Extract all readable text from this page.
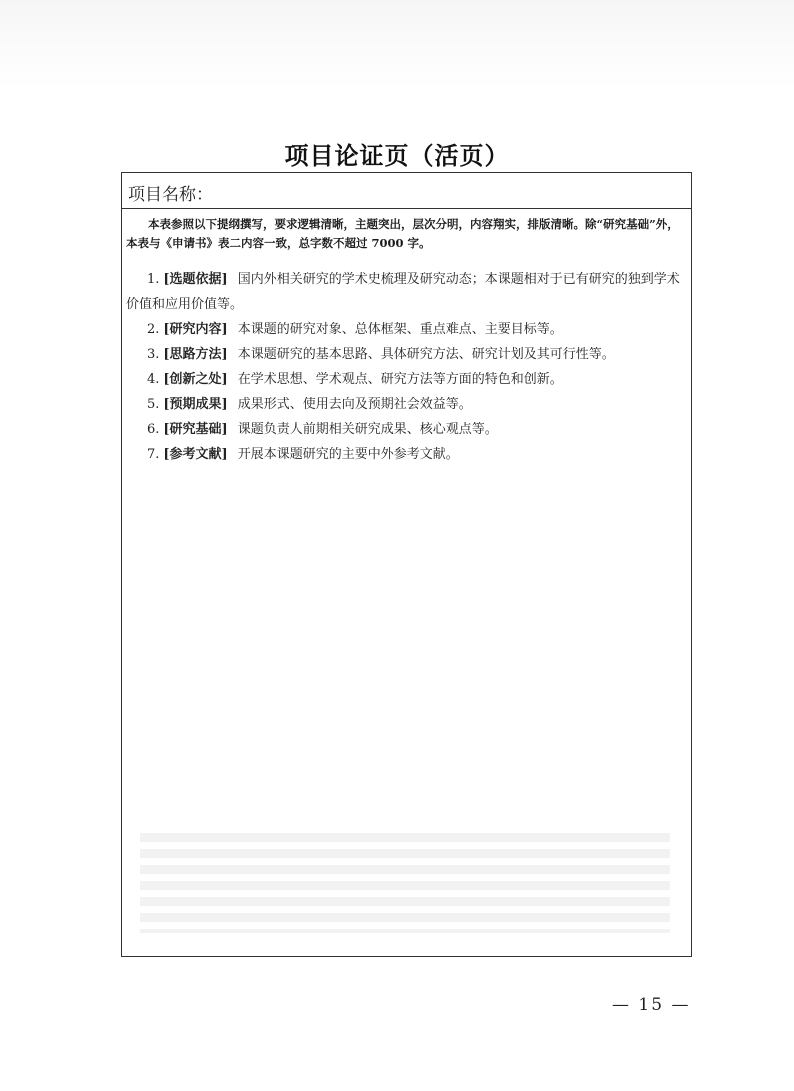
项目论证页（活页）
项目名称：
本表参照以下提纲撰写，要求逻辑清晰，主题突出，层次分明，内容翔实，排版清晰。除“研究基础”外，本表与《申请书》表二内容一致，总字数不超过 7000 字。
1. [选题依据] 国内外相关研究的学术史梳理及研究动态；本课题相对于已有研究的独到学术价值和应用价值等。
2. [研究内容] 本课题的研究对象、总体框架、重点难点、主要目标等。
3. [思路方法] 本课题研究的基本思路、具体研究方法、研究计划及其可行性等。
4. [创新之处] 在学术思想、学术观点、研究方法等方面的特色和创新。
5. [预期成果] 成果形式、使用去向及预期社会效益等。
6. [研究基础] 课题负责人前期相关研究成果、核心观点等。
7. [参考文献] 开展本课题研究的主要中外参考文献。
— 15 —
